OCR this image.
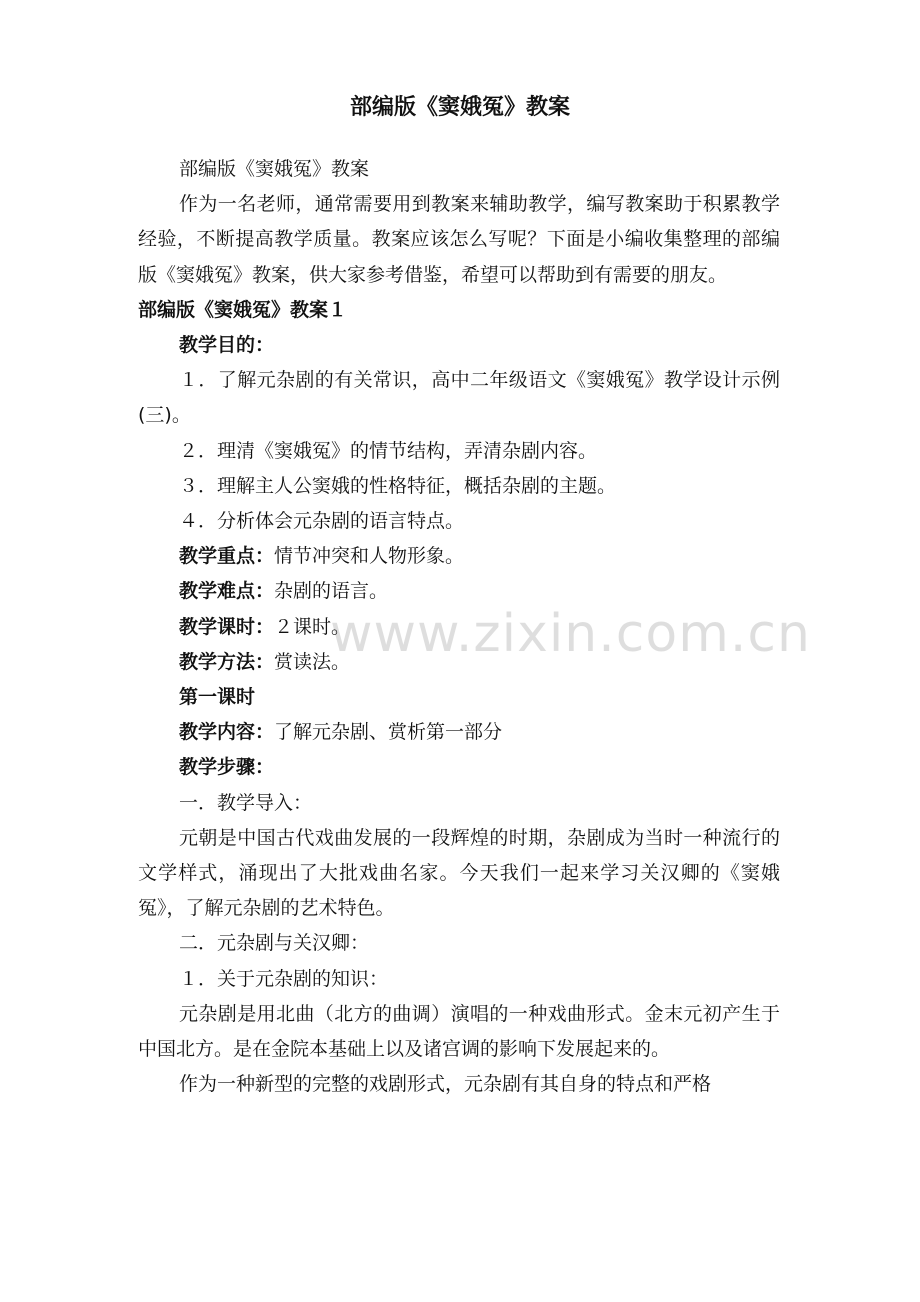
部编版《窦娥冤》教案

部编版《窦娥冤》教案

作为一名老师，通常需要用到教案来辅助教学，编写教案助于积累教学经验，不断提高教学质量。教案应该怎么写呢？下面是小编收集整理的部编版《窦娥冤》教案，供大家参考借鉴，希望可以帮助到有需要的朋友。

部编版《窦娥冤》教案１

教学目的：

１．了解元杂剧的有关常识，高中二年级语文《窦娥冤》教学设计示例(三)。

２．理清《窦娥冤》的情节结构，弄清杂剧内容。

３．理解主人公窦娥的性格特征，概括杂剧的主题。

４．分析体会元杂剧的语言特点。

教学重点：情节冲突和人物形象。

教学难点：杂剧的语言。

教学课时：２课时。

教学方法：赏读法。

第一课时

教学内容：了解元杂剧、赏析第一部分

教学步骤：

一．教学导入：

元朝是中国古代戏曲发展的一段辉煌的时期，杂剧成为当时一种流行的文学样式，涌现出了大批戏曲名家。今天我们一起来学习关汉卿的《窦娥冤》，了解元杂剧的艺术特色。

二．元杂剧与关汉卿：

１．关于元杂剧的知识：

元杂剧是用北曲（北方的曲调）演唱的一种戏曲形式。金末元初产生于中国北方。是在金院本基础上以及诸宫调的影响下发展起来的。

作为一种新型的完整的戏剧形式，元杂剧有其自身的特点和严格

www.zixin.com.cn
